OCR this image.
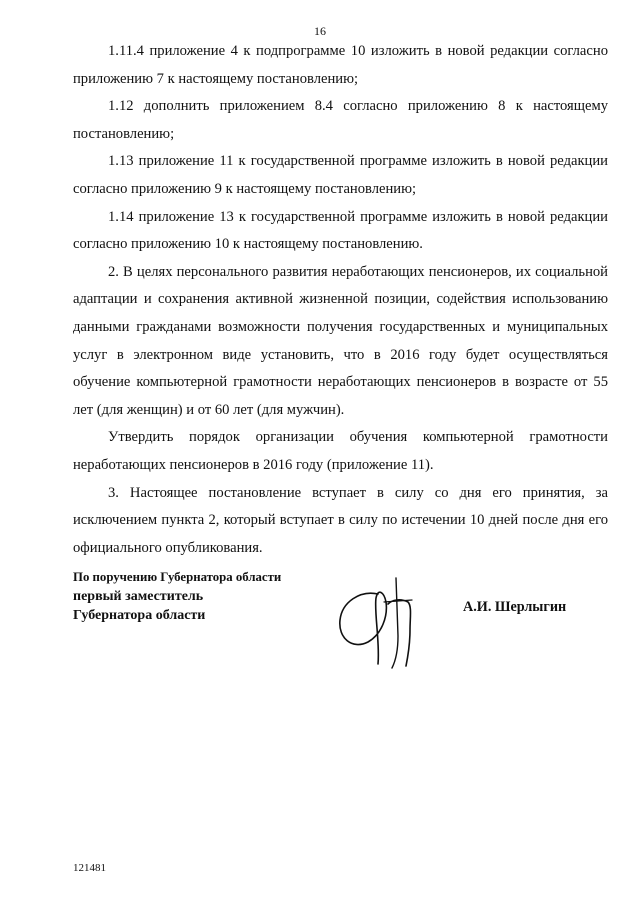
16

1.11.4 приложение 4 к подпрограмме 10 изложить в новой редакции согласно приложению 7 к настоящему постановлению;

1.12 дополнить приложением 8.4 согласно приложению 8 к настоящему постановлению;

1.13 приложение 11 к государственной программе изложить в новой редакции согласно приложению 9 к настоящему постановлению;

1.14 приложение 13 к государственной программе изложить в новой редакции согласно приложению 10 к настоящему постановлению.

2. В целях персонального развития неработающих пенсионеров, их социальной адаптации и сохранения активной жизненной позиции, содействия использованию данными гражданами возможности получения государственных и муниципальных услуг в электронном виде установить, что в 2016 году будет осуществляться обучение компьютерной грамотности неработающих пенсионеров в возрасте от 55 лет (для женщин) и от 60 лет (для мужчин).

Утвердить порядок организации обучения компьютерной грамотности неработающих пенсионеров в 2016 году (приложение 11).

3. Настоящее постановление вступает в силу со дня его принятия, за исключением пункта 2, который вступает в силу по истечении 10 дней после дня его официального опубликования.

По поручению Губернатора области
первый заместитель
Губернатора области
А.И. Шерлыгин
121481
